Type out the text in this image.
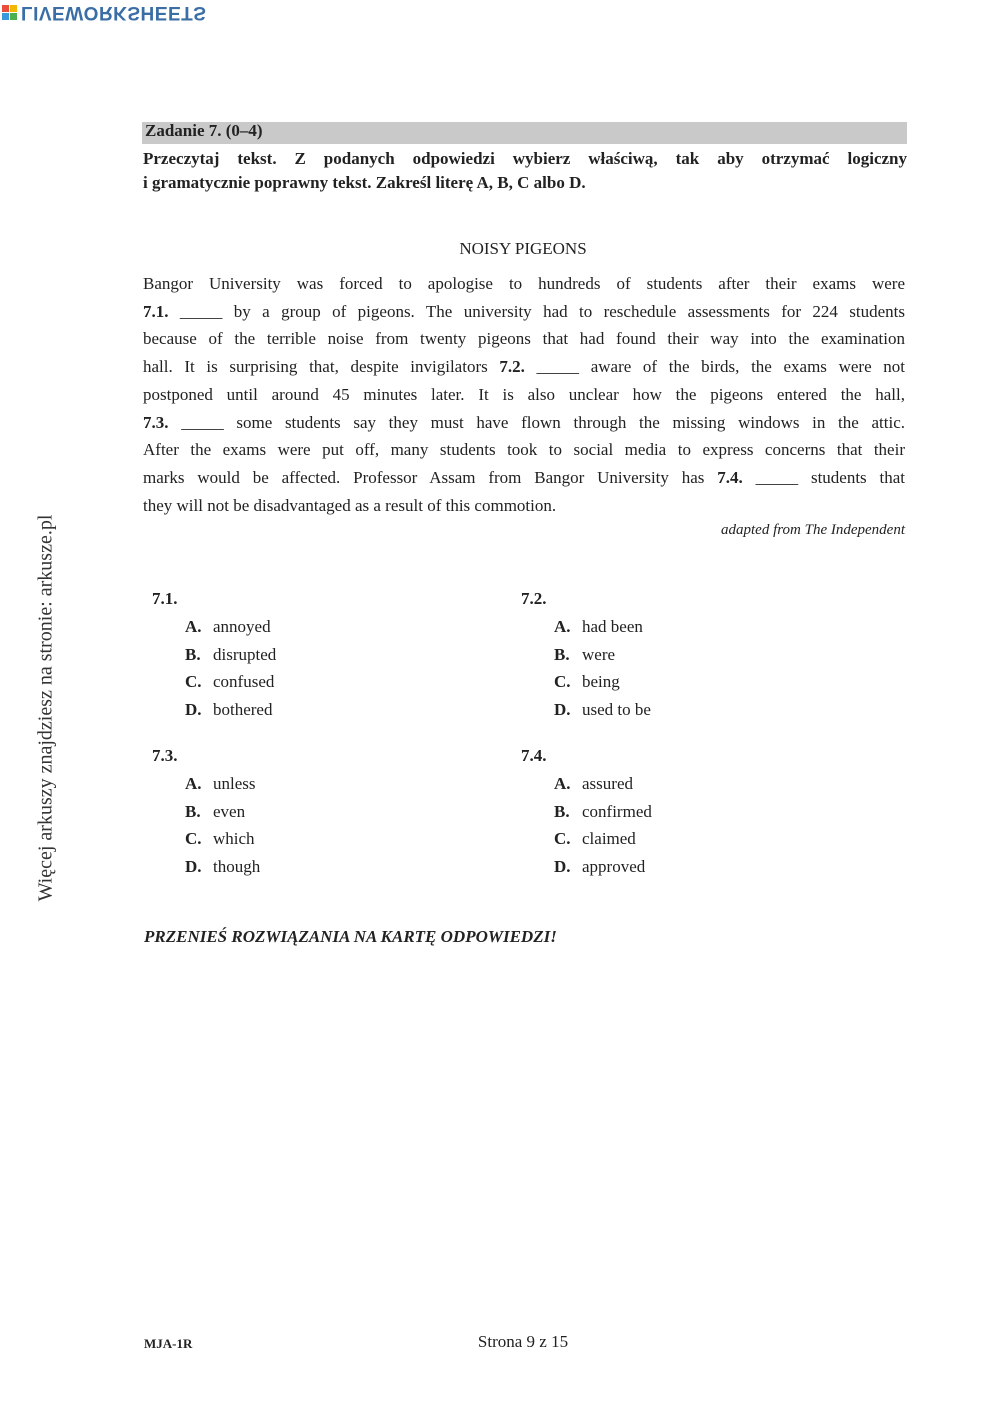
LIVEWORKSHEETS
Więcej arkuszy znajdziesz na stronie: arkusze.pl
Zadanie 7. (0–4)
Przeczytaj tekst. Z podanych odpowiedzi wybierz właściwą, tak aby otrzymać logiczny
i gramatycznie poprawny tekst. Zakreśl literę A, B, C albo D.
NOISY PIGEONS
Bangor University was forced to apologise to hundreds of students after their exams were
7.1. _____ by a group of pigeons. The university had to reschedule assessments for 224 students
because of the terrible noise from twenty pigeons that had found their way into the examination
hall. It is surprising that, despite invigilators 7.2. _____ aware of the birds, the exams were not
postponed until around 45 minutes later. It is also unclear how the pigeons entered the hall,
7.3. _____ some students say they must have flown through the missing windows in the attic.
After the exams were put off, many students took to social media to express concerns that their
marks would be affected. Professor Assam from Bangor University has 7.4. _____ students that
they will not be disadvantaged as a result of this commotion.
adapted from The Independent
7.1.
A. annoyed
B. disrupted
C. confused
D. bothered
7.2.
A. had been
B. were
C. being
D. used to be
7.3.
A. unless
B. even
C. which
D. though
7.4.
A. assured
B. confirmed
C. claimed
D. approved
PRZENIEŚ ROZWIĄZANIA NA KARTĘ ODPOWIEDZI!
MJA-1R	Strona 9 z 15
